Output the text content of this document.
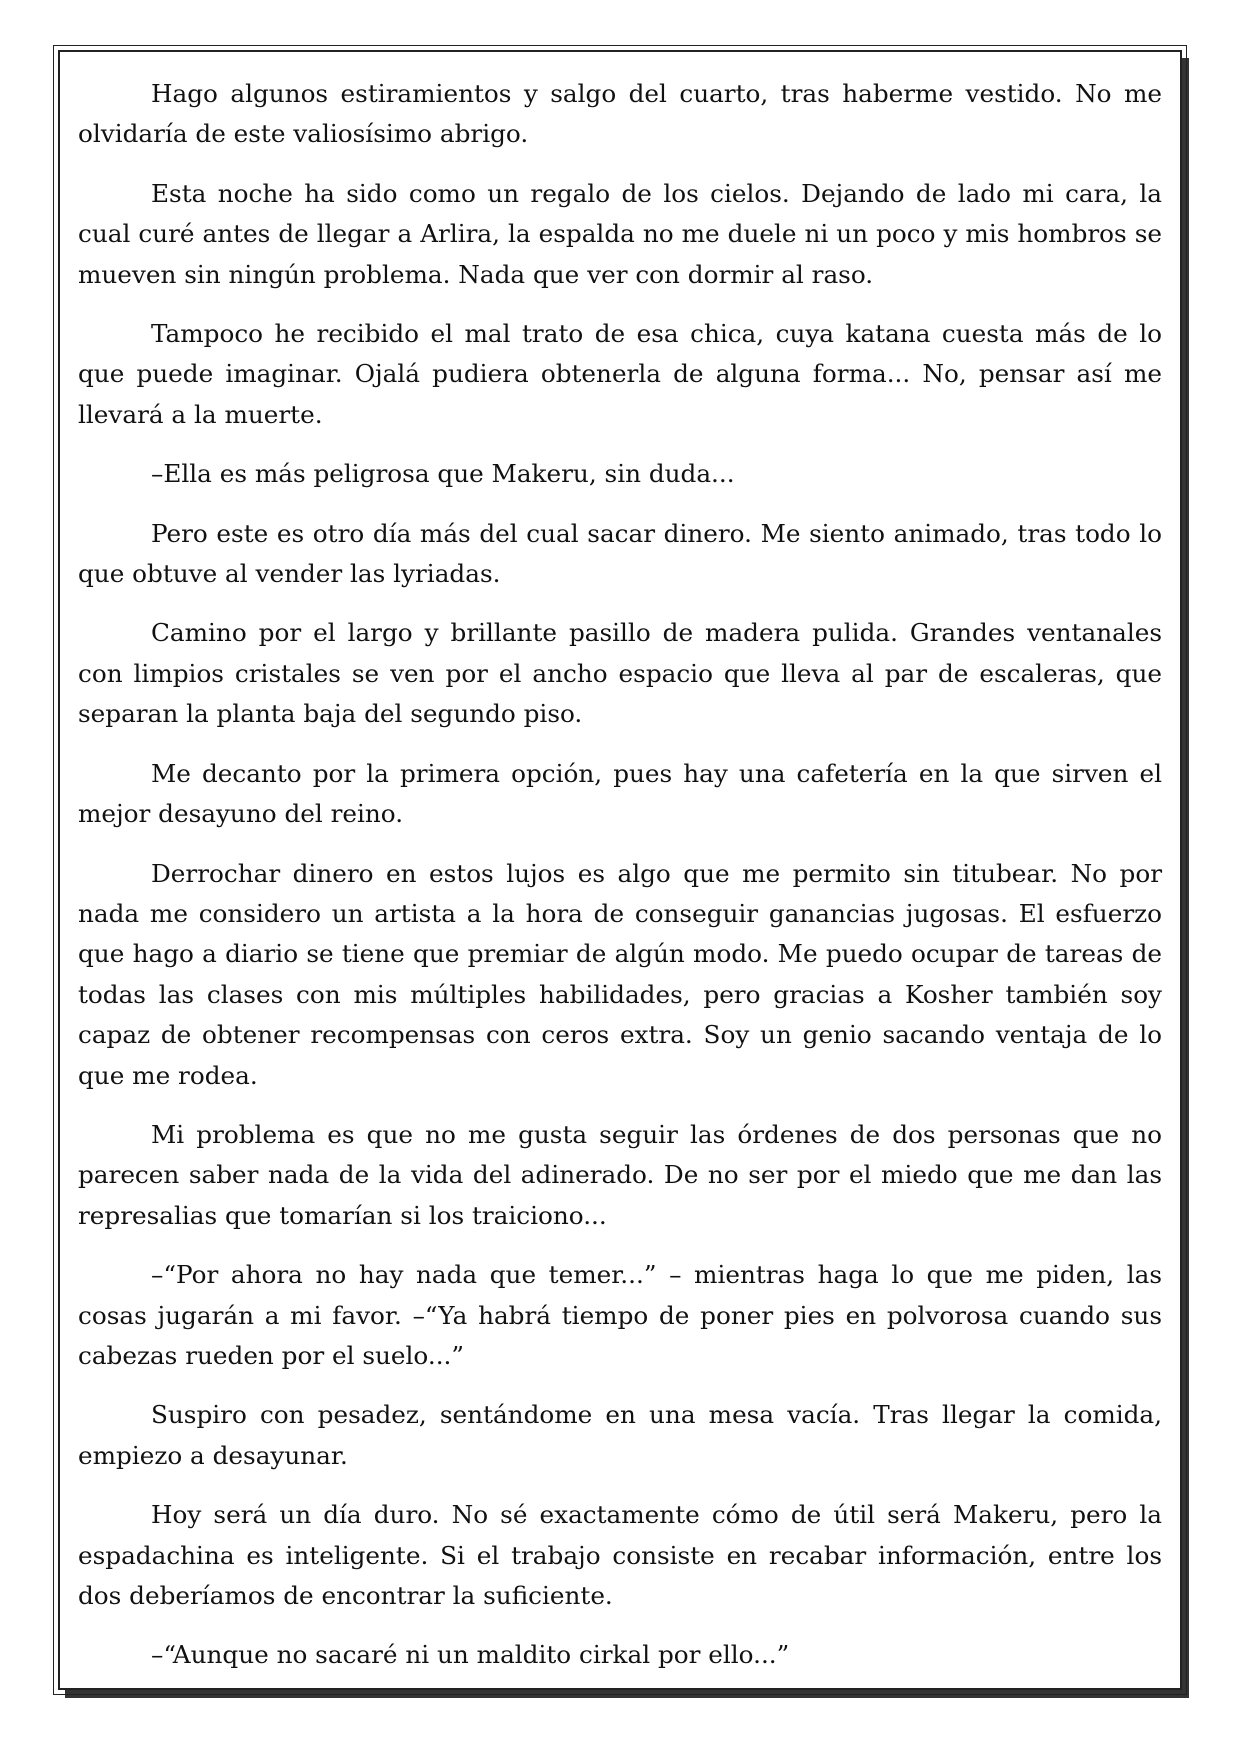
Hago algunos estiramientos y salgo del cuarto, tras haberme vestido. No me olvidaría de este valiosísimo abrigo.

Esta noche ha sido como un regalo de los cielos. Dejando de lado mi cara, la cual curé antes de llegar a Arlira, la espalda no me duele ni un poco y mis hombros se mueven sin ningún problema. Nada que ver con dormir al raso.

Tampoco he recibido el mal trato de esa chica, cuya katana cuesta más de lo que puede imaginar. Ojalá pudiera obtenerla de alguna forma... No, pensar así me llevará a la muerte.

–Ella es más peligrosa que Makeru, sin duda...

Pero este es otro día más del cual sacar dinero. Me siento animado, tras todo lo que obtuve al vender las lyriadas.

Camino por el largo y brillante pasillo de madera pulida. Grandes ventanales con limpios cristales se ven por el ancho espacio que lleva al par de escaleras, que separan la planta baja del segundo piso.

Me decanto por la primera opción, pues hay una cafetería en la que sirven el mejor desayuno del reino.

Derrochar dinero en estos lujos es algo que me permito sin titubear. No por nada me considero un artista a la hora de conseguir ganancias jugosas. El esfuerzo que hago a diario se tiene que premiar de algún modo. Me puedo ocupar de tareas de todas las clases con mis múltiples habilidades, pero gracias a Kosher también soy capaz de obtener recompensas con ceros extra. Soy un genio sacando ventaja de lo que me rodea.

Mi problema es que no me gusta seguir las órdenes de dos personas que no parecen saber nada de la vida del adinerado. De no ser por el miedo que me dan las represalias que tomarían si los traiciono...

–“Por ahora no hay nada que temer...” – mientras haga lo que me piden, las cosas jugarán a mi favor. –“Ya habrá tiempo de poner pies en polvorosa cuando sus cabezas rueden por el suelo...”

Suspiro con pesadez, sentándome en una mesa vacía. Tras llegar la comida, empiezo a desayunar.

Hoy será un día duro. No sé exactamente cómo de útil será Makeru, pero la espadachina es inteligente. Si el trabajo consiste en recabar información, entre los dos deberíamos de encontrar la suficiente.

–“Aunque no sacaré ni un maldito cirkal por ello...”
